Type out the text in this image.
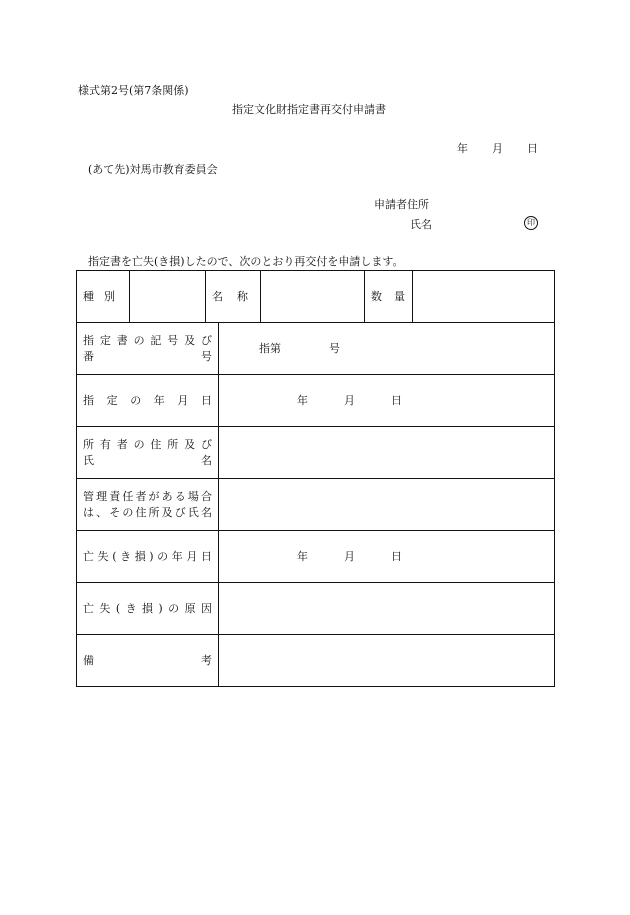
様式第2号(第7条関係)
指定文化財指定書再交付申請書
年 月 日
(あて先)対馬市教育委員会
申請者住所
氏名	印
指定書を亡失(き損)したので、次のとおり再交付を申請します。
種別		名称			数量	

指定書の記号及び
番号			指第 号			

指定の年月日			年 月 日			

所有者の住所及び
氏名						

管理責任者がある場合
は、その住所及び氏名						

亡失(き損)の年月日			年 月 日			

亡失(き損)の原因						

備考						
